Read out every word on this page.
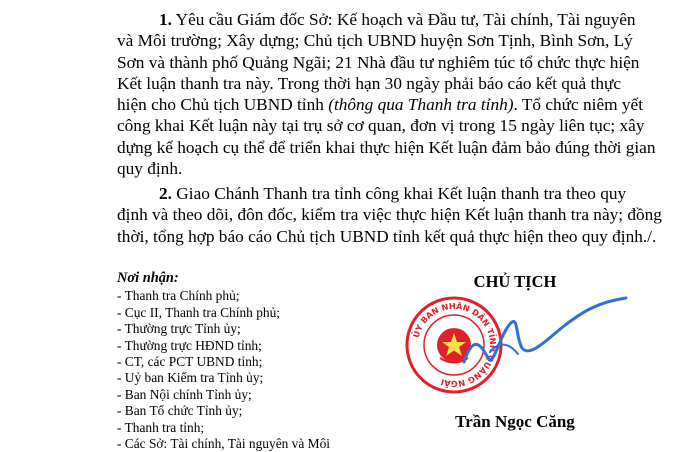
1. Yêu cầu Giám đốc Sở: Kế hoạch và Đầu tư, Tài chính, Tài nguyên
và Môi trường; Xây dựng; Chủ tịch UBND huyện Sơn Tịnh, Bình Sơn, Lý
Sơn và thành phố Quảng Ngãi; 21 Nhà đầu tư nghiêm túc tổ chức thực hiện
Kết luận thanh tra này. Trong thời hạn 30 ngày phải báo cáo kết quả thực
hiện cho Chủ tịch UBND tỉnh (thông qua Thanh tra tỉnh). Tổ chức niêm yết
công khai Kết luận này tại trụ sở cơ quan, đơn vị trong 15 ngày liên tục; xây
dựng kế hoạch cụ thể để triển khai thực hiện Kết luận đảm bảo đúng thời gian
quy định.
2. Giao Chánh Thanh tra tỉnh công khai Kết luận thanh tra theo quy
định và theo dõi, đôn đốc, kiểm tra việc thực hiện Kết luận thanh tra này; đồng
thời, tổng hợp báo cáo Chủ tịch UBND tỉnh kết quả thực hiện theo quy định./.
Nơi nhận:
- Thanh tra Chính phủ;
- Cục II, Thanh tra Chính phủ;
- Thường trực Tỉnh ủy;
- Thường trực HĐND tỉnh;
- CT, các PCT UBND tỉnh;
- Uỷ ban Kiểm tra Tỉnh ủy;
- Ban Nội chính Tỉnh ủy;
- Ban Tổ chức Tỉnh ủy;
- Thanh tra tỉnh;
- Các Sở: Tài chính, Tài nguyên và Môi
CHỦ TỊCH
ỦY BAN NHÂN DÂN TỈNH QUẢNG NGÃI
Trần Ngọc Căng
